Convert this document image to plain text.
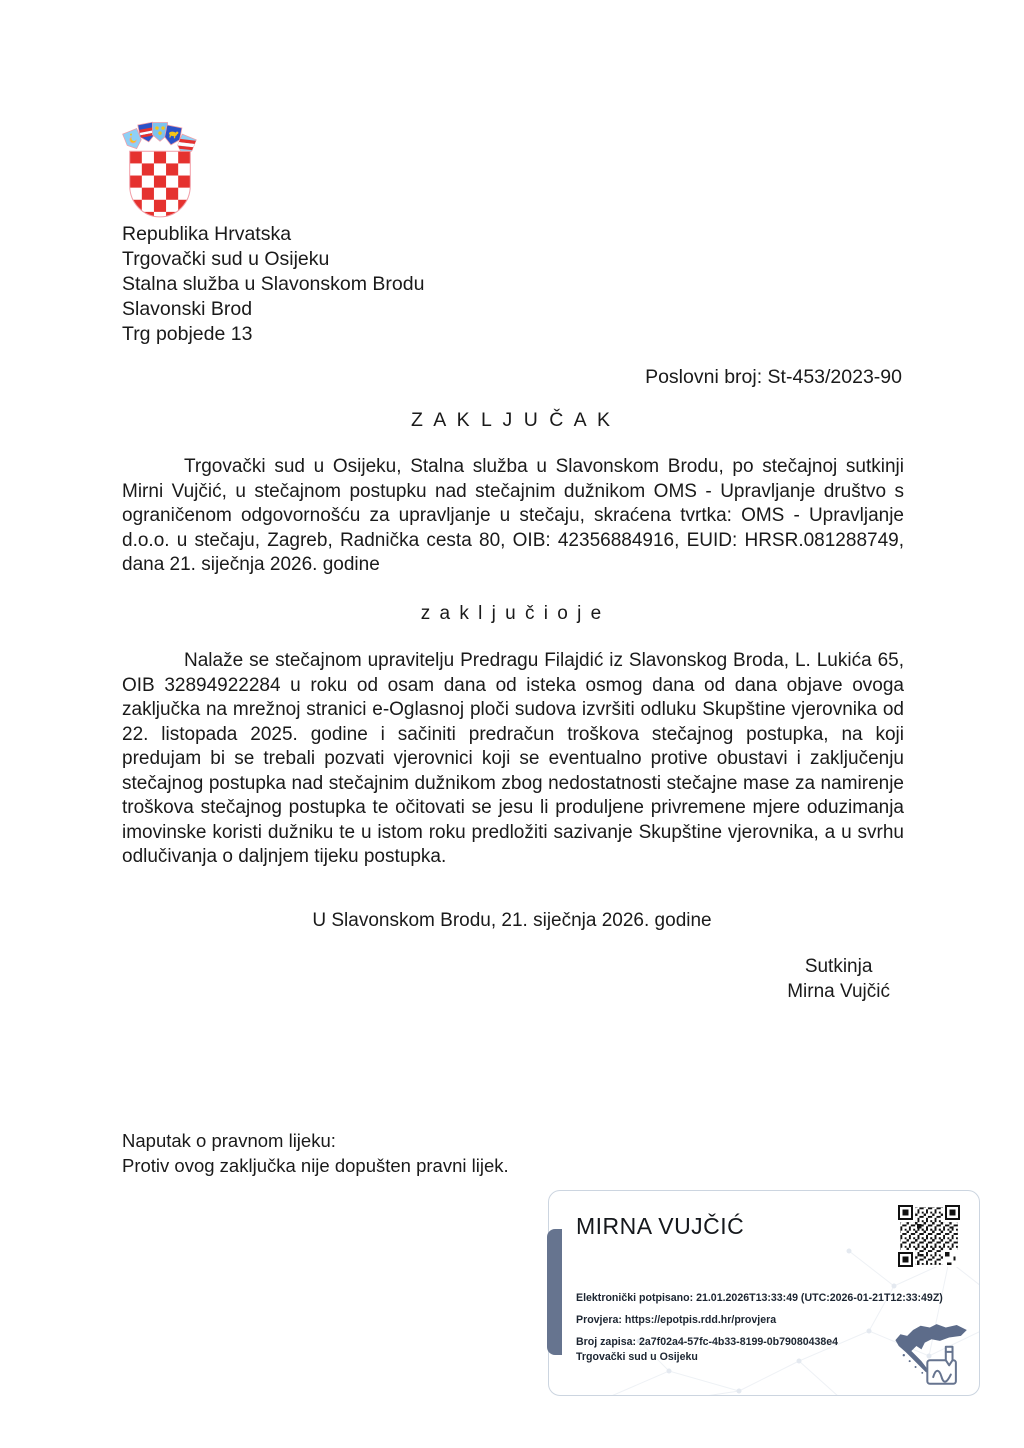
Republika Hrvatska
Trgovački sud u Osijeku
Stalna služba u Slavonskom Brodu
Slavonski Brod
Trg pobjede 13
Poslovni broj: St-453/2023-90
Z A K L J U Č A K
Trgovački sud u Osijeku, Stalna služba u Slavonskom Brodu, po stečajnoj sutkinji Mirni Vujčić, u stečajnom postupku nad stečajnim dužnikom OMS - Upravljanje društvo s ograničenom odgovornošću za upravljanje u stečaju, skraćena tvrtka: OMS - Upravljanje d.o.o. u stečaju, Zagreb, Radnička cesta 80, OIB: 42356884916, EUID: HRSR.081288749, dana 21. siječnja 2026. godine
z a k l j u č i o j e
Nalaže se stečajnom upravitelju Predragu Filajdić iz Slavonskog Broda, L. Lukića 65, OIB 32894922284 u roku od osam dana od isteka osmog dana od dana objave ovoga zaključka na mrežnoj stranici e-Oglasnoj ploči sudova izvršiti odluku Skupštine vjerovnika od 22. listopada 2025. godine i sačiniti predračun troškova stečajnog postupka, na koji predujam bi se trebali pozvati vjerovnici koji se eventualno protive obustavi i zaključenju stečajnog postupka nad stečajnim dužnikom zbog nedostatnosti stečajne mase za namirenje troškova stečajnog postupka te očitovati se jesu li produljene privremene mjere oduzimanja imovinske koristi dužniku te u istom roku predložiti sazivanje Skupštine vjerovnika, a u svrhu odlučivanja o daljnjem tijeku postupka.
U Slavonskom Brodu, 21. siječnja 2026. godine
Sutkinja
Mirna Vujčić
Naputak o pravnom lijeku:
Protiv ovog zaključka nije dopušten pravni lijek.
MIRNA VUJČIĆ
Elektronički potpisano: 21.01.2026T13:33:49 (UTC:2026-01-21T12:33:49Z)
Provjera: https://epotpis.rdd.hr/provjera
Broj zapisa: 2a7f02a4-57fc-4b33-8199-0b79080438e4
Trgovački sud u Osijeku
